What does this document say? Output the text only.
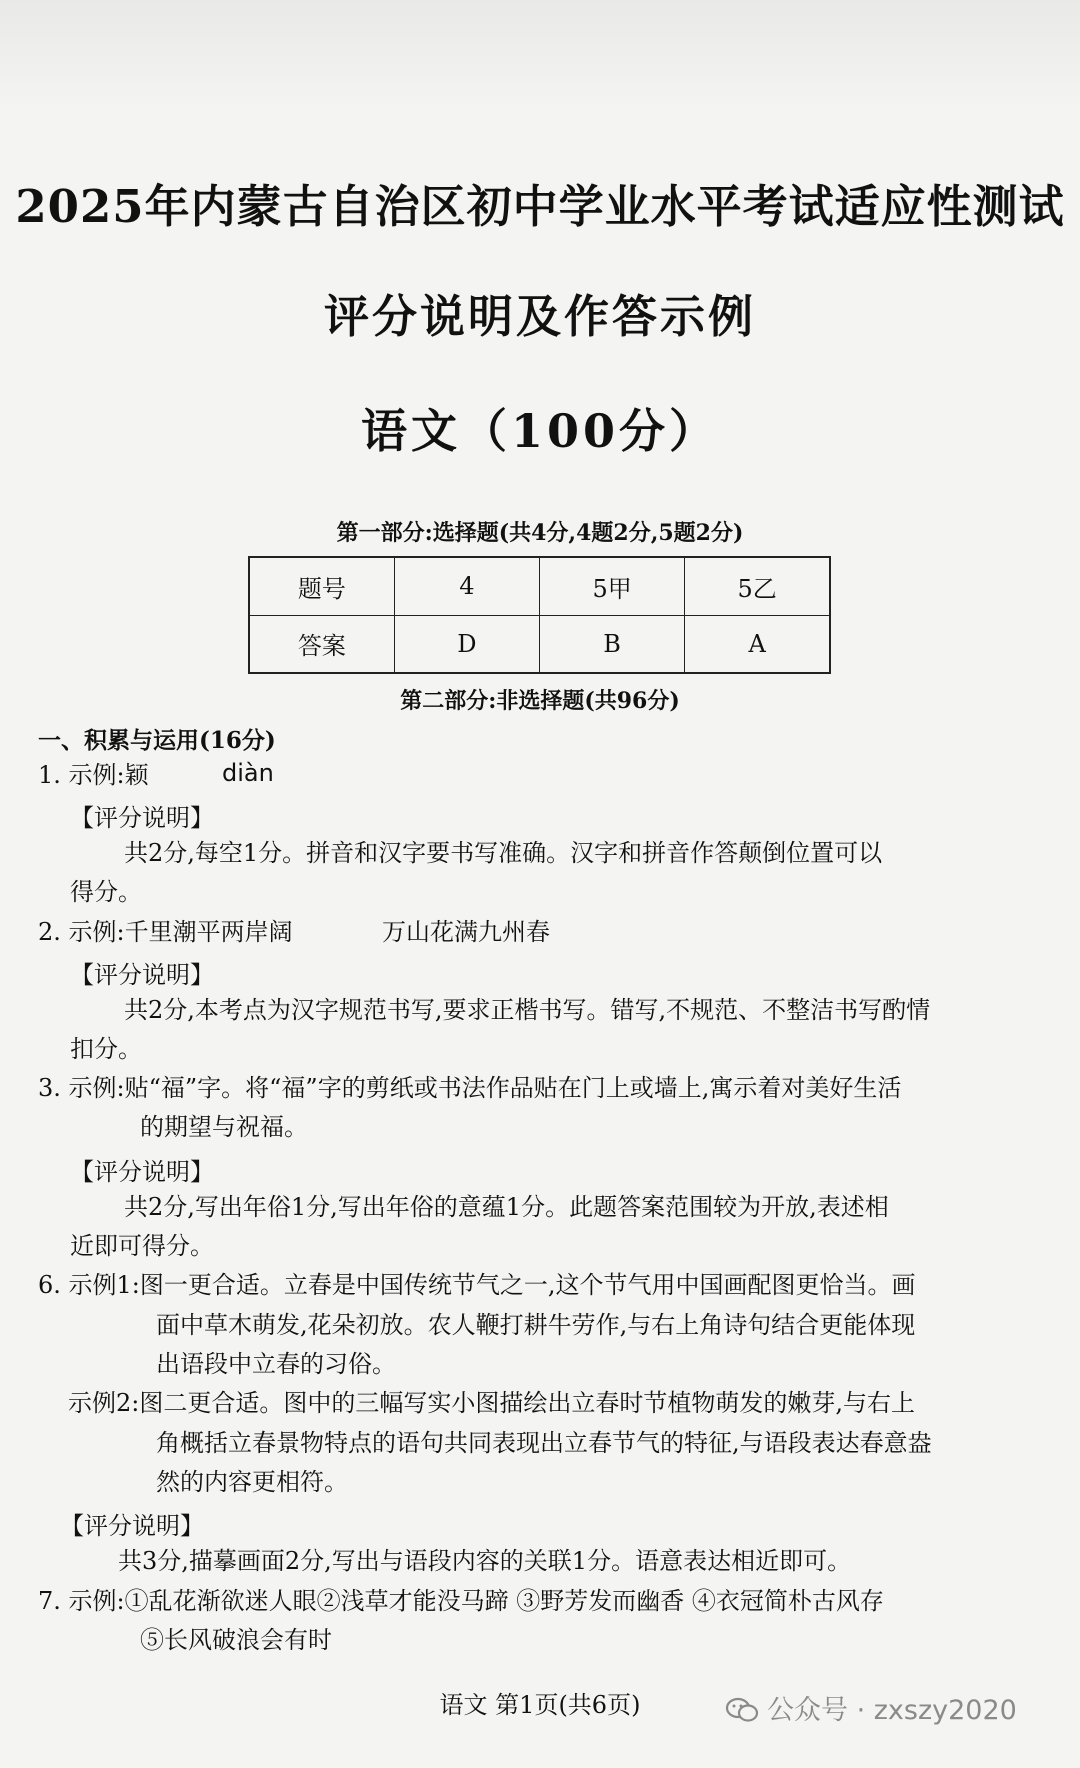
2025年内蒙古自治区初中学业水平考试适应性测试
评分说明及作答示例
语文（100分）
第一部分:选择题(共4分,4题2分,5题2分)
题号	4	5甲	5乙
答案	D	B	A
第二部分:非选择题(共96分)
一、积累与运用(16分)
1. 示例:颖	diàn
【评分说明】
共2分,每空1分。拼音和汉字要书写准确。汉字和拼音作答颠倒位置可以
得分。
2. 示例:千里潮平两岸阔	万山花满九州春
【评分说明】
共2分,本考点为汉字规范书写,要求正楷书写。错写,不规范、不整洁书写酌情
扣分。
3. 示例:贴“福”字。将“福”字的剪纸或书法作品贴在门上或墙上,寓示着对美好生活
的期望与祝福。
【评分说明】
共2分,写出年俗1分,写出年俗的意蕴1分。此题答案范围较为开放,表述相
近即可得分。
6. 示例1:图一更合适。立春是中国传统节气之一,这个节气用中国画配图更恰当。画
面中草木萌发,花朵初放。农人鞭打耕牛劳作,与右上角诗句结合更能体现
出语段中立春的习俗。
示例2:图二更合适。图中的三幅写实小图描绘出立春时节植物萌发的嫩芽,与右上
角概括立春景物特点的语句共同表现出立春节气的特征,与语段表达春意盎
然的内容更相符。
【评分说明】
共3分,描摹画面2分,写出与语段内容的关联1分。语意表达相近即可。
7. 示例:①乱花渐欲迷人眼②浅草才能没马蹄 ③野芳发而幽香 ④衣冠简朴古风存
⑤长风破浪会有时
语文 第1页(共6页)	公众号 · zxszy2020
